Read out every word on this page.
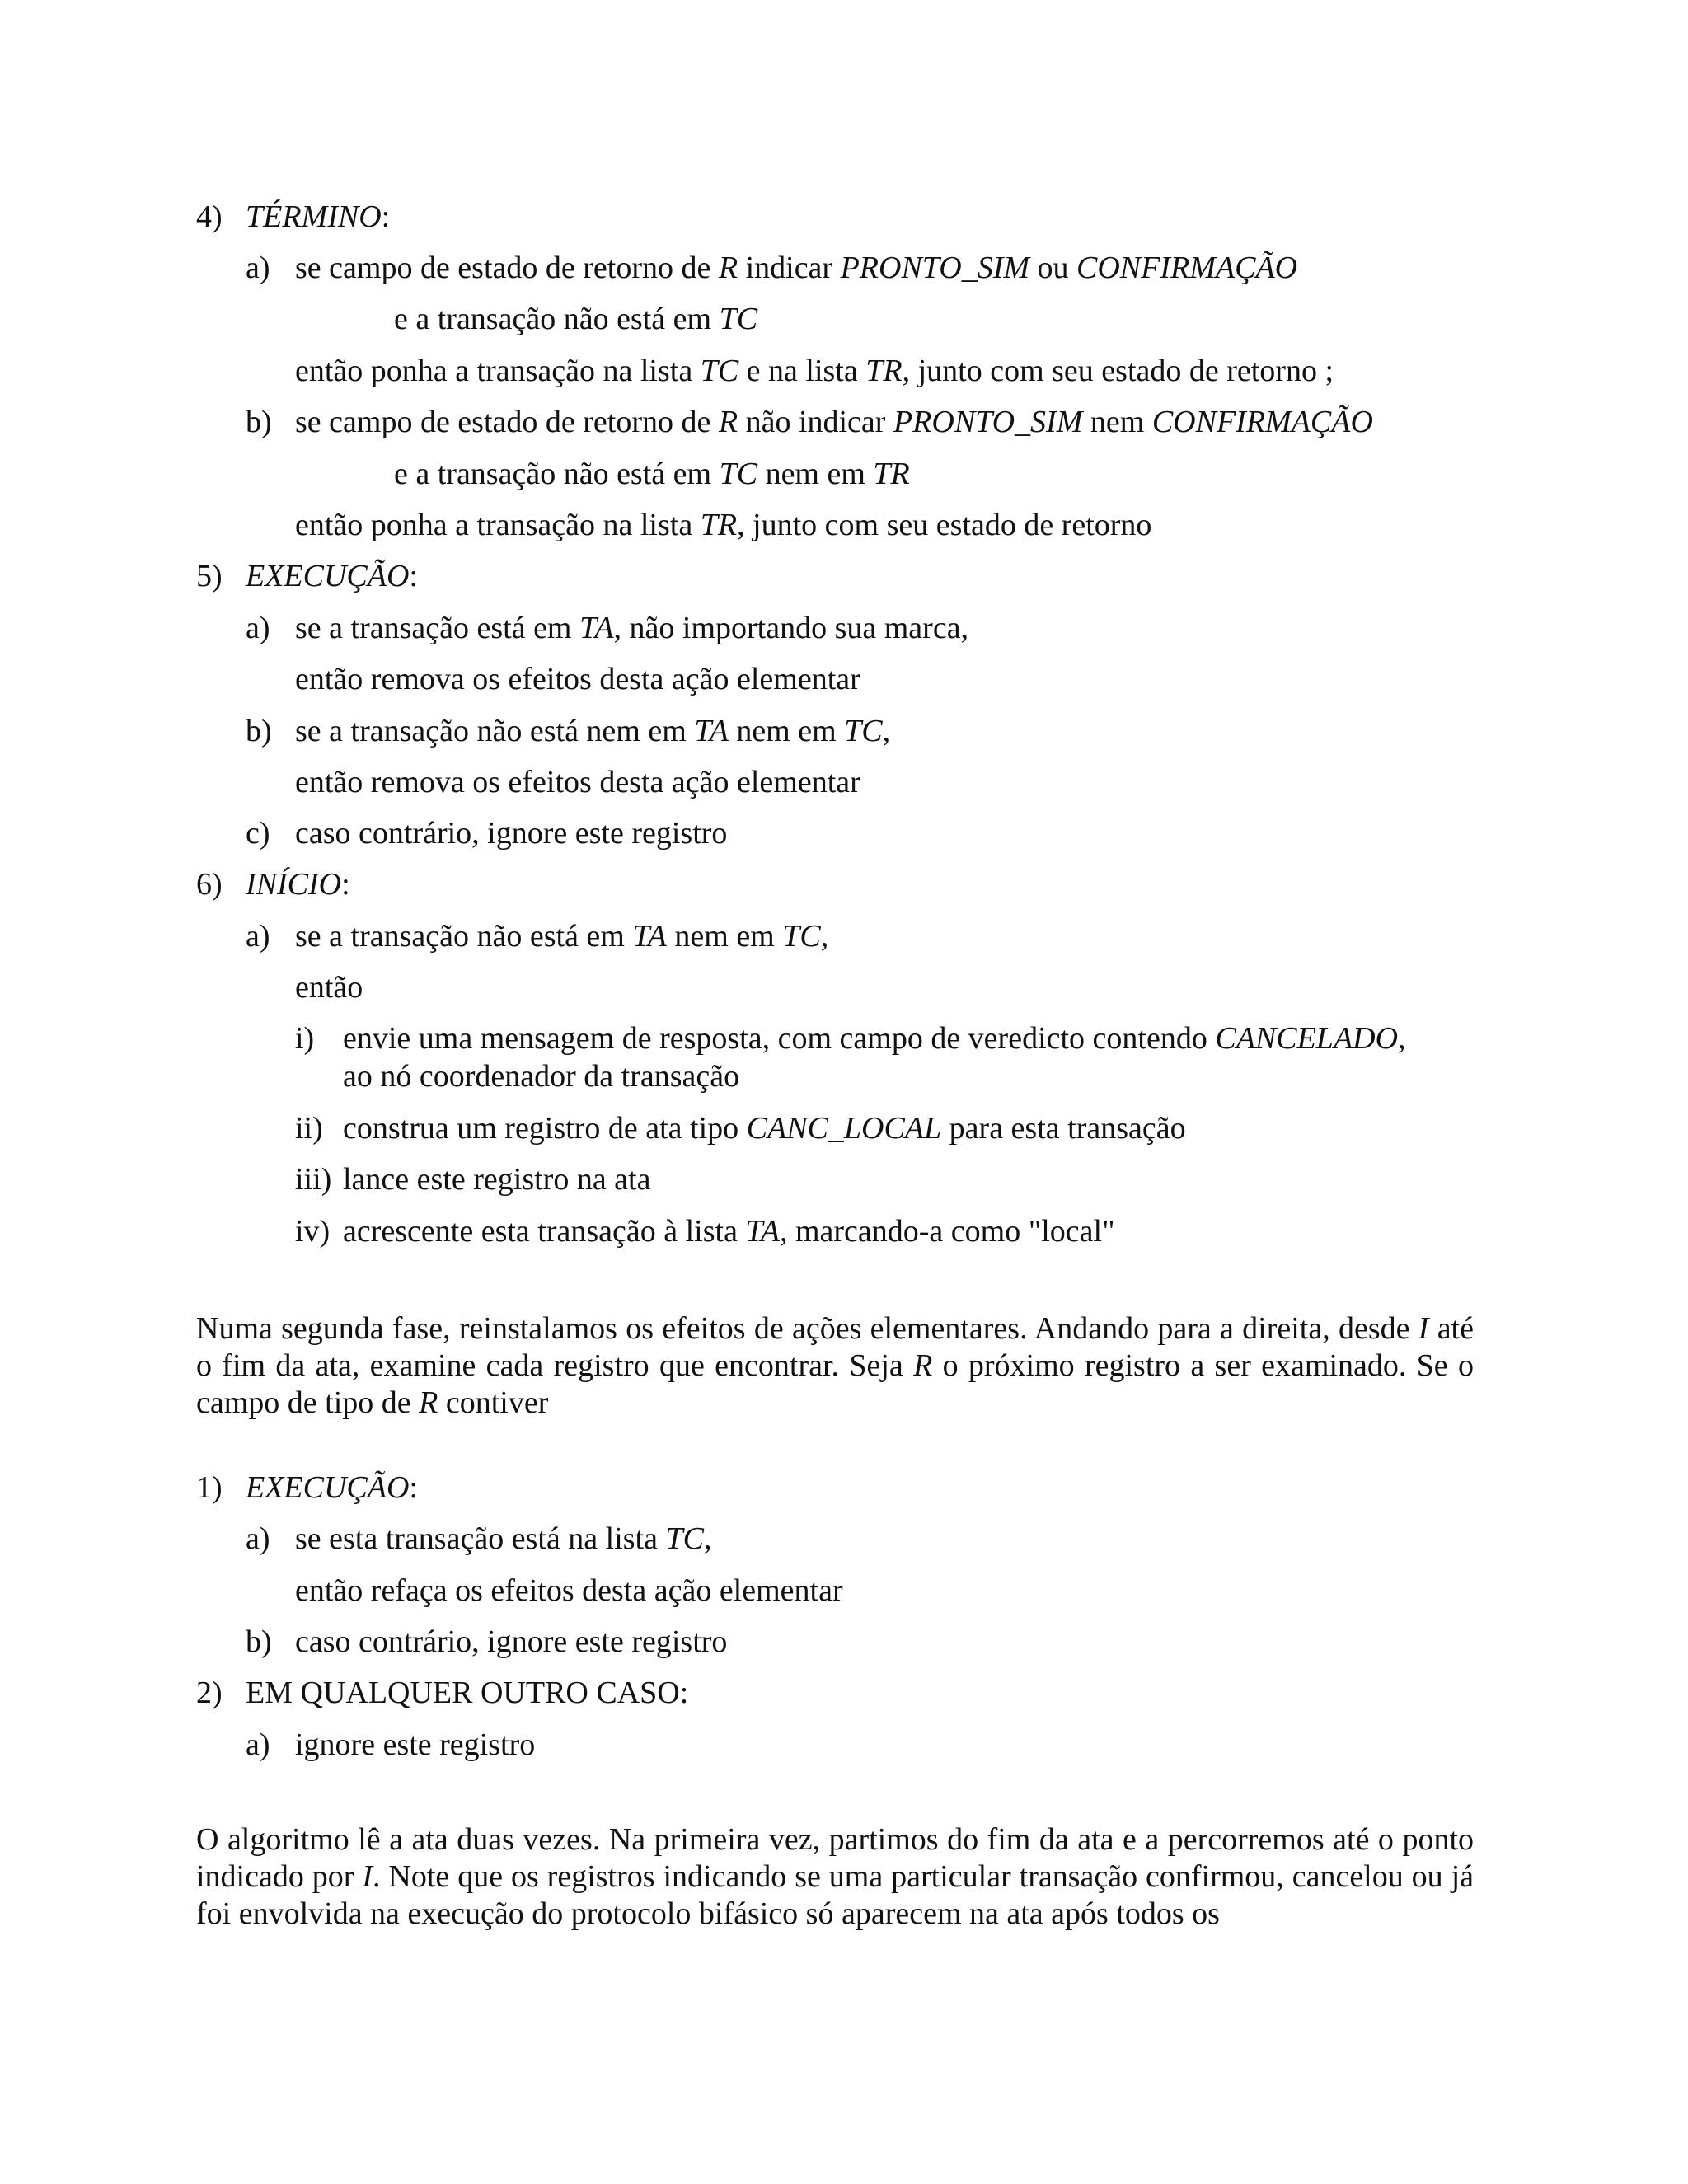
4) TÉRMINO:
a) se campo de estado de retorno de R indicar PRONTO_SIM ou CONFIRMAÇÃO
e a transação não está em TC
então ponha a transação na lista TC e na lista TR, junto com seu estado de retorno ;
b) se campo de estado de retorno de R não indicar PRONTO_SIM nem CONFIRMAÇÃO
e a transação não está em TC nem em TR
então ponha a transação na lista TR, junto com seu estado de retorno
5) EXECUÇÃO:
a) se a transação está em TA, não importando sua marca,
então remova os efeitos desta ação elementar
b) se a transação não está nem em TA nem em TC,
então remova os efeitos desta ação elementar
c) caso contrário, ignore este registro
6) INÍCIO:
a) se a transação não está em TA nem em TC,
então
i) envie uma mensagem de resposta, com campo de veredicto contendo CANCELADO,
ao nó coordenador da transação
ii) construa um registro de ata tipo CANC_LOCAL para esta transação
iii) lance este registro na ata
iv) acrescente esta transação à lista TA, marcando-a como "local"
Numa segunda fase, reinstalamos os efeitos de ações elementares. Andando para a direita, desde I até o fim da ata, examine cada registro que encontrar. Seja R o próximo registro a ser examinado. Se o campo de tipo de R contiver
1) EXECUÇÃO:
a) se esta transação está na lista TC,
então refaça os efeitos desta ação elementar
b) caso contrário, ignore este registro
2) EM QUALQUER OUTRO CASO:
a) ignore este registro
O algoritmo lê a ata duas vezes. Na primeira vez, partimos do fim da ata e a percorremos até o ponto indicado por I. Note que os registros indicando se uma particular transação confirmou, cancelou ou já foi envolvida na execução do protocolo bifásico só aparecem na ata após todos os
